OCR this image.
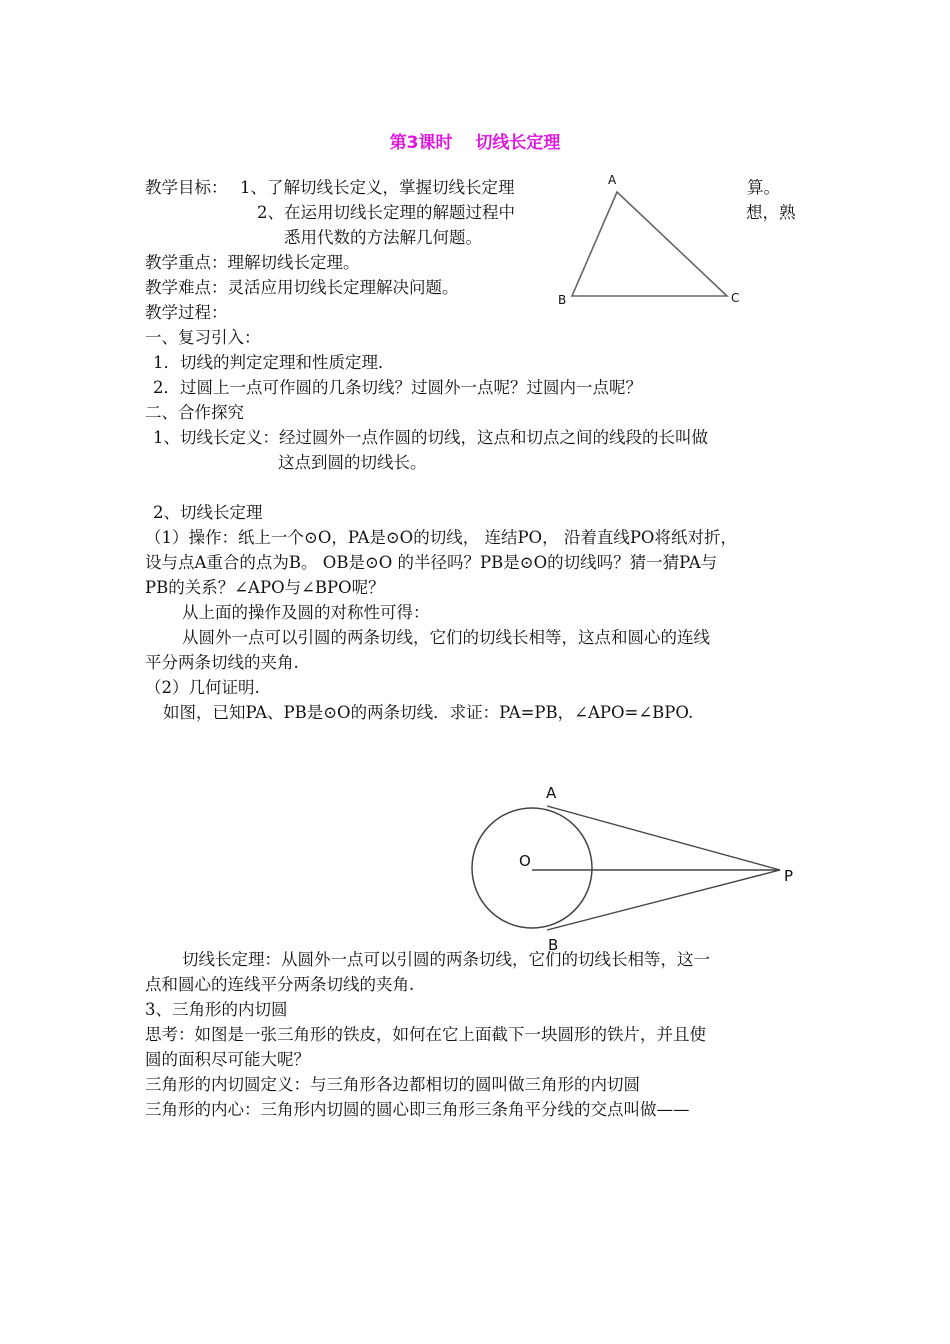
第3课时　 切线长定理
教学目标： 1、了解切线长定义，掌握切线长定理	算。
2、在运用切线长定理的解题过程中	想，熟
悉用代数的方法解几何题。
教学重点：理解切线长定理。
教学难点：灵活应用切线长定理解决问题。
教学过程：
A
B	C
一、复习引入：
1．切线的判定定理和性质定理．
2．过圆上一点可作圆的几条切线？过圆外一点呢？过圆内一点呢？
二、合作探究
1、切线长定义：经过圆外一点作圆的切线，这点和切点之间的线段的长叫做
这点到圆的切线长。
2、切线长定理
（1）操作：纸上一个⊙O，PA是⊙O的切线， 连结PO， 沿着直线PO将纸对折，
设与点A重合的点为B。 OB是⊙O 的半径吗？PB是⊙O的切线吗？猜一猜PA与
PB的关系？∠APO与∠BPO呢？
从上面的操作及圆的对称性可得：
从圆外一点可以引圆的两条切线，它们的切线长相等，这点和圆心的连线
平分两条切线的夹角.
（2）几何证明.
如图，已知PA、PB是⊙O的两条切线．求证：PA=PB，∠APO=∠BPO.
A
B
O
P
切线长定理：从圆外一点可以引圆的两条切线，它们的切线长相等，这一
点和圆心的连线平分两条切线的夹角.
3、三角形的内切圆
思考：如图是一张三角形的铁皮，如何在它上面截下一块圆形的铁片，并且使
圆的面积尽可能大呢？
三角形的内切圆定义：与三角形各边都相切的圆叫做三角形的内切圆
三角形的内心：三角形内切圆的圆心即三角形三条角平分线的交点叫做——
